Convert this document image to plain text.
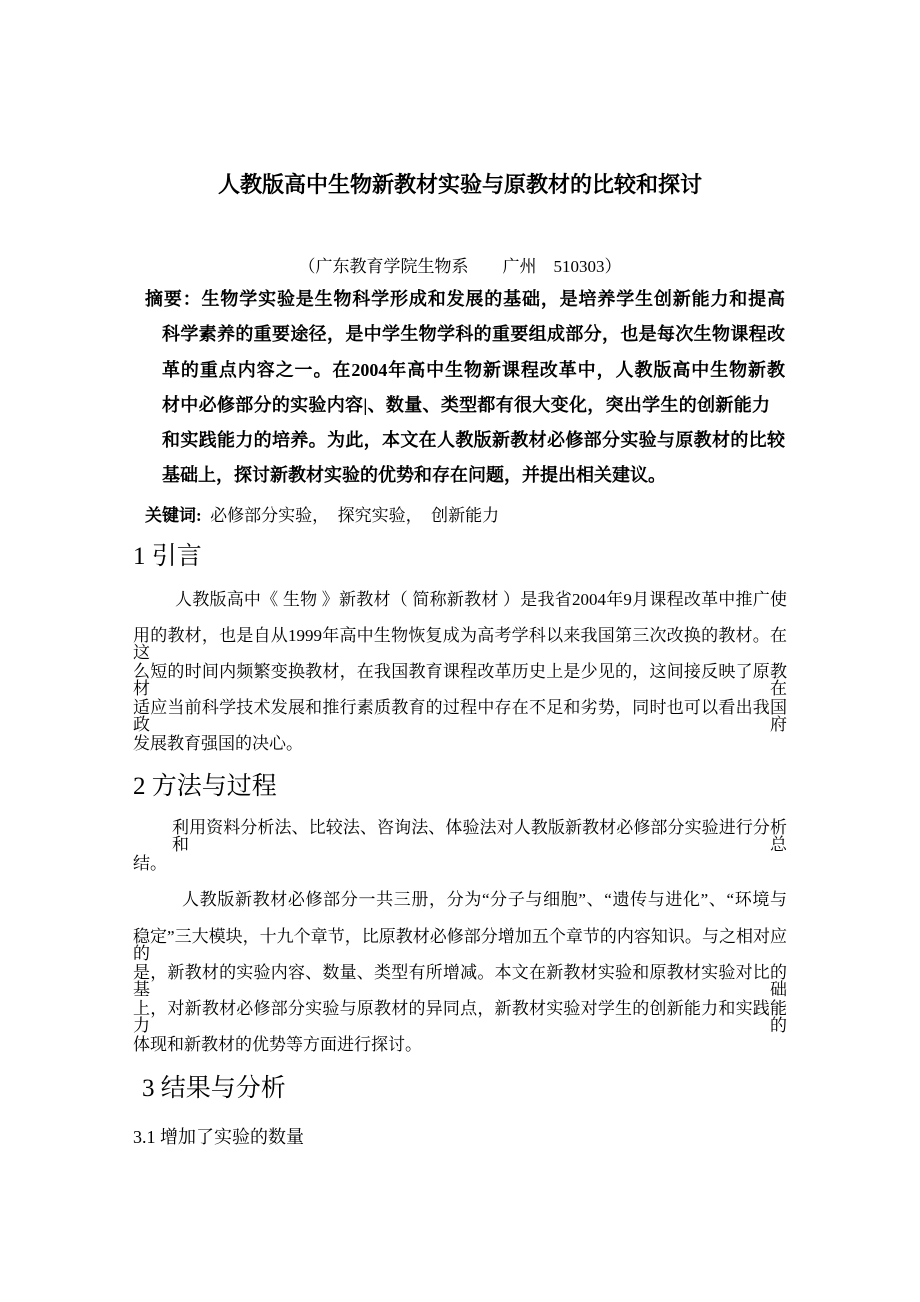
人教版高中生物新教材实验与原教材的比较和探讨
（广东教育学院生物系　　广州　510303）
摘要：生物学实验是生物科学形成和发展的基础，是培养学生创新能力和提高
科学素养的重要途径，是中学生物学科的重要组成部分，也是每次生物课程改
革的重点内容之一。在2004年高中生物新课程改革中，人教版高中生物新教
材中必修部分的实验内容|、数量、类型都有很大变化，突出学生的创新能力
和实践能力的培养。为此，本文在人教版新教材必修部分实验与原教材的比较
基础上，探讨新教材实验的优势和存在问题，并提出相关建议。
关键词: 必修部分实验，　探究实验，　创新能力
1 引言
人教版高中《 生物 》新教材（ 简称新教材 ）是我省2004年9月课程改革中推广使
用的教材，也是自从1999年高中生物恢复成为高考学科以来我国第三次改换的教材。在这
么短的时间内频繁变换教材，在我国教育课程改革历史上是少见的，这间接反映了原教材在
适应当前科学技术发展和推行素质教育的过程中存在不足和劣势，同时也可以看出我国政府
发展教育强国的决心。
2 方法与过程
利用资料分析法、比较法、咨询法、体验法对人教版新教材必修部分实验进行分析和总
结。
人教版新教材必修部分一共三册，分为“分子与细胞”、“遗传与进化”、“环境与
稳定”三大模块，十九个章节，比原教材必修部分增加五个章节的内容知识。与之相对应的
是，新教材的实验内容、数量、类型有所增减。本文在新教材实验和原教材实验对比的基础
上，对新教材必修部分实验与原教材的异同点，新教材实验对学生的创新能力和实践能力的
体现和新教材的优势等方面进行探讨。
3 结果与分析
3.1 增加了实验的数量
